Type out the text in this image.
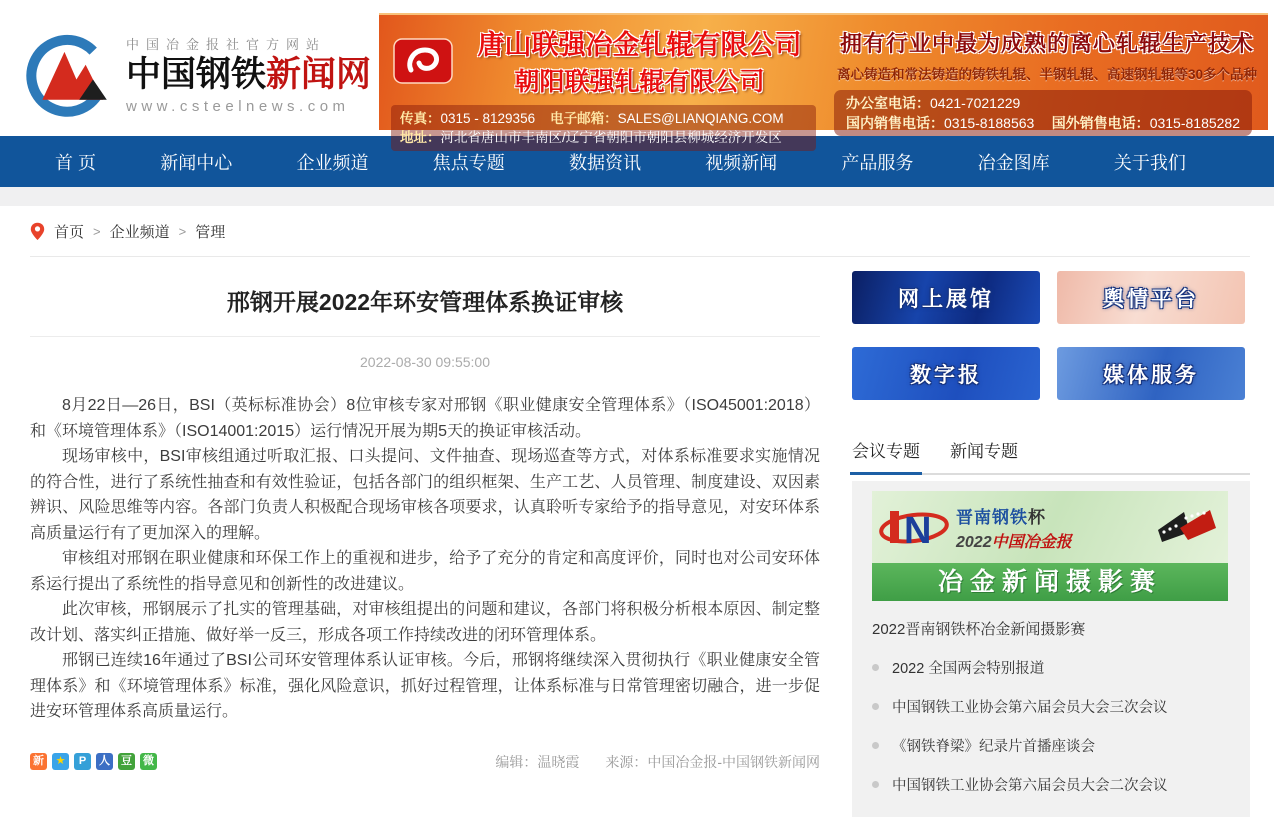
中国冶金报社官方网站
中国钢铁新闻网
www.csteelnews.com
唐山联强冶金轧辊有限公司
朝阳联强轧辊有限公司
传真：0315 - 8129356 电子邮箱：SALES@LIANQIANG.COM
地址：河北省唐山市丰南区/辽宁省朝阳市朝阳县柳城经济开发区
拥有行业中最为成熟的离心轧辊生产技术
离心铸造和常法铸造的铸铁轧辊、半钢轧辊、高速钢轧辊等30多个品种
办公室电话：0421-7021229
国内销售电话：0315-8188563 国外销售电话：0315-8185282
首 页	新闻中心	企业频道	焦点专题	数据资讯	视频新闻	产品服务	冶金图库	关于我们
首页 > 企业频道 > 管理
邢钢开展2022年环安管理体系换证审核
2022-08-30 09:55:00

8月22日—26日，BSI（英标标准协会）8位审核专家对邢钢《职业健康安全管理体系》（ISO45001:2018）和《环境管理体系》（ISO14001:2015）运行情况开展为期5天的换证审核活动。

现场审核中，BSI审核组通过听取汇报、口头提问、文件抽查、现场巡查等方式，对体系标准要求实施情况的符合性，进行了系统性抽查和有效性验证，包括各部门的组织框架、生产工艺、人员管理、制度建设、双因素辨识、风险思维等内容。各部门负责人积极配合现场审核各项要求，认真聆听专家给予的指导意见，对安环体系高质量运行有了更加深入的理解。

审核组对邢钢在职业健康和环保工作上的重视和进步，给予了充分的肯定和高度评价，同时也对公司安环体系运行提出了系统性的指导意见和创新性的改进建议。

此次审核，邢钢展示了扎实的管理基础，对审核组提出的问题和建议，各部门将积极分析根本原因、制定整改计划、落实纠正措施、做好举一反三，形成各项工作持续改进的闭环管理体系。

邢钢已连续16年通过了BSI公司环安管理体系认证审核。今后，邢钢将继续深入贯彻执行《职业健康安全管理体系》和《环境管理体系》标准，强化风险意识，抓好过程管理，让体系标准与日常管理密切融合，进一步促进安环管理体系高质量运行。

新	★	P	人 豆 微	编辑：温晓霞 来源：中国冶金报-中国钢铁新闻网
网上展馆	舆情平台
数字报	媒体服务
会议专题 新闻专题
N 晋南钢铁杯
2022中国冶金报
冶金新闻摄影赛
2022晋南钢铁杯冶金新闻摄影赛
2022 全国两会特别报道
中国钢铁工业协会第六届会员大会三次会议
《钢铁脊梁》纪录片首播座谈会
中国钢铁工业协会第六届会员大会二次会议
